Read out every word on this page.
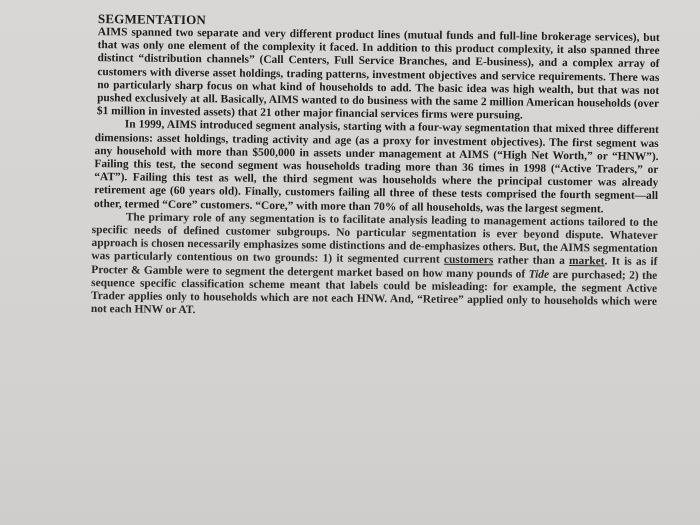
SEGMENTATION

AIMS spanned two separate and very different product lines (mutual funds and full-line brokerage services), but that was only one element of the complexity it faced. In addition to this product complexity, it also spanned three distinct “distribution channels” (Call Centers, Full Service Branches, and E-business), and a complex array of customers with diverse asset holdings, trading patterns, investment objectives and service requirements. There was no particularly sharp focus on what kind of households to add. The basic idea was high wealth, but that was not pushed exclusively at all. Basically, AIMS wanted to do business with the same 2 million American households (over $1 million in invested assets) that 21 other major financial services firms were pursuing.

In 1999, AIMS introduced segment analysis, starting with a four-way segmentation that mixed three different dimensions: asset holdings, trading activity and age (as a proxy for investment objectives). The first segment was any household with more than $500,000 in assets under management at AIMS (“High Net Worth,” or “HNW”). Failing this test, the second segment was households trading more than 36 times in 1998 (“Active Traders,” or “AT”). Failing this test as well, the third segment was households where the principal customer was already retirement age (60 years old). Finally, customers failing all three of these tests comprised the fourth segment—all other, termed “Core” customers. “Core,” with more than 70% of all households, was the largest segment.

The primary role of any segmentation is to facilitate analysis leading to management actions tailored to the specific needs of defined customer subgroups. No particular segmentation is ever beyond dispute. Whatever approach is chosen necessarily emphasizes some distinctions and de-emphasizes others. But, the AIMS segmentation was particularly contentious on two grounds: 1) it segmented current customers rather than a market. It is as if Procter & Gamble were to segment the detergent market based on how many pounds of Tide are purchased; 2) the sequence specific classification scheme meant that labels could be misleading: for example, the segment Active Trader applies only to households which are not each HNW. And, “Retiree” applied only to households which were not each HNW or AT.
